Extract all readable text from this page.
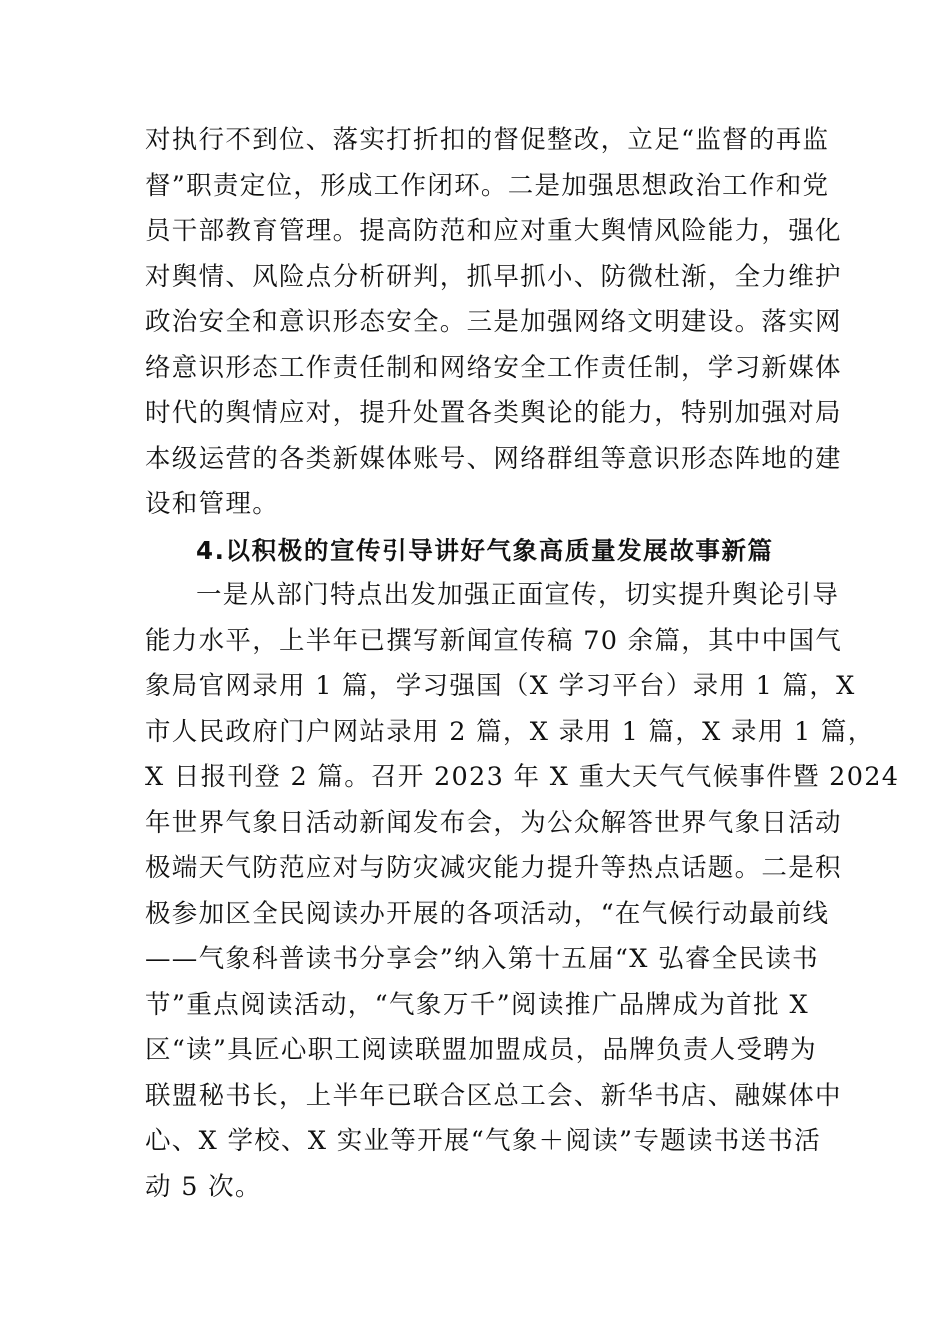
对执行不到位、落实打折扣的督促整改，立足“监督的再监
督”职责定位，形成工作闭环。二是加强思想政治工作和党
员干部教育管理。提高防范和应对重大舆情风险能力，强化
对舆情、风险点分析研判，抓早抓小、防微杜渐，全力维护
政治安全和意识形态安全。三是加强网络文明建设。落实网
络意识形态工作责任制和网络安全工作责任制，学习新媒体
时代的舆情应对，提升处置各类舆论的能力，特别加强对局
本级运营的各类新媒体账号、网络群组等意识形态阵地的建
设和管理。
4.以积极的宣传引导讲好气象高质量发展故事新篇
一是从部门特点出发加强正面宣传，切实提升舆论引导
能力水平，上半年已撰写新闻宣传稿 70 余篇，其中中国气
象局官网录用 1 篇，学习强国（X 学习平台）录用 1 篇，X
市人民政府门户网站录用 2 篇，X 录用 1 篇，X 录用 1 篇，
X 日报刊登 2 篇。召开 2023 年 X 重大天气气候事件暨 2024
年世界气象日活动新闻发布会，为公众解答世界气象日活动
极端天气防范应对与防灾减灾能力提升等热点话题。二是积
极参加区全民阅读办开展的各项活动，“在气候行动最前线
——气象科普读书分享会”纳入第十五届“X 弘睿全民读书
节”重点阅读活动，“气象万千”阅读推广品牌成为首批 X
区“读”具匠心职工阅读联盟加盟成员，品牌负责人受聘为
联盟秘书长，上半年已联合区总工会、新华书店、融媒体中
心、X 学校、X 实业等开展“气象＋阅读”专题读书送书活
动 5 次。
